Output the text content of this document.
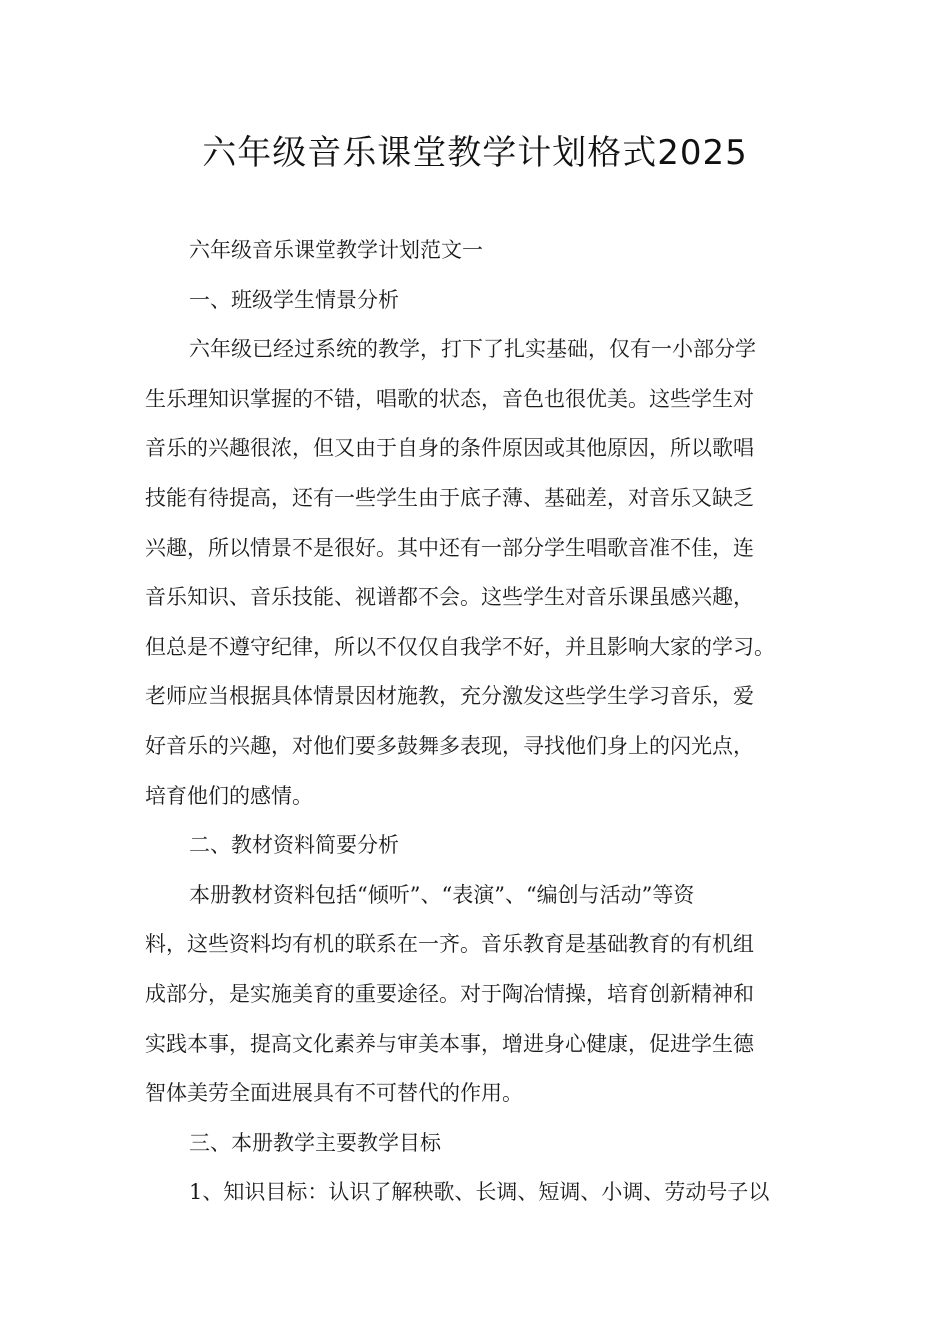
六年级音乐课堂教学计划格式2025
六年级音乐课堂教学计划范文一
一、班级学生情景分析
六年级已经过系统的教学，打下了扎实基础，仅有一小部分学
生乐理知识掌握的不错，唱歌的状态，音色也很优美。这些学生对
音乐的兴趣很浓，但又由于自身的条件原因或其他原因，所以歌唱
技能有待提高，还有一些学生由于底子薄、基础差，对音乐又缺乏
兴趣，所以情景不是很好。其中还有一部分学生唱歌音准不佳，连
音乐知识、音乐技能、视谱都不会。这些学生对音乐课虽感兴趣，
但总是不遵守纪律，所以不仅仅自我学不好，并且影响大家的学习。
老师应当根据具体情景因材施教，充分激发这些学生学习音乐，爱
好音乐的兴趣，对他们要多鼓舞多表现，寻找他们身上的闪光点，
培育他们的感情。
二、教材资料简要分析
本册教材资料包括“倾听”、“表演”、“编创与活动”等资
料，这些资料均有机的联系在一齐。音乐教育是基础教育的有机组
成部分，是实施美育的重要途径。对于陶冶情操，培育创新精神和
实践本事，提高文化素养与审美本事，增进身心健康，促进学生德
智体美劳全面进展具有不可替代的作用。
三、本册教学主要教学目标
1、知识目标：认识了解秧歌、长调、短调、小调、劳动号子以
